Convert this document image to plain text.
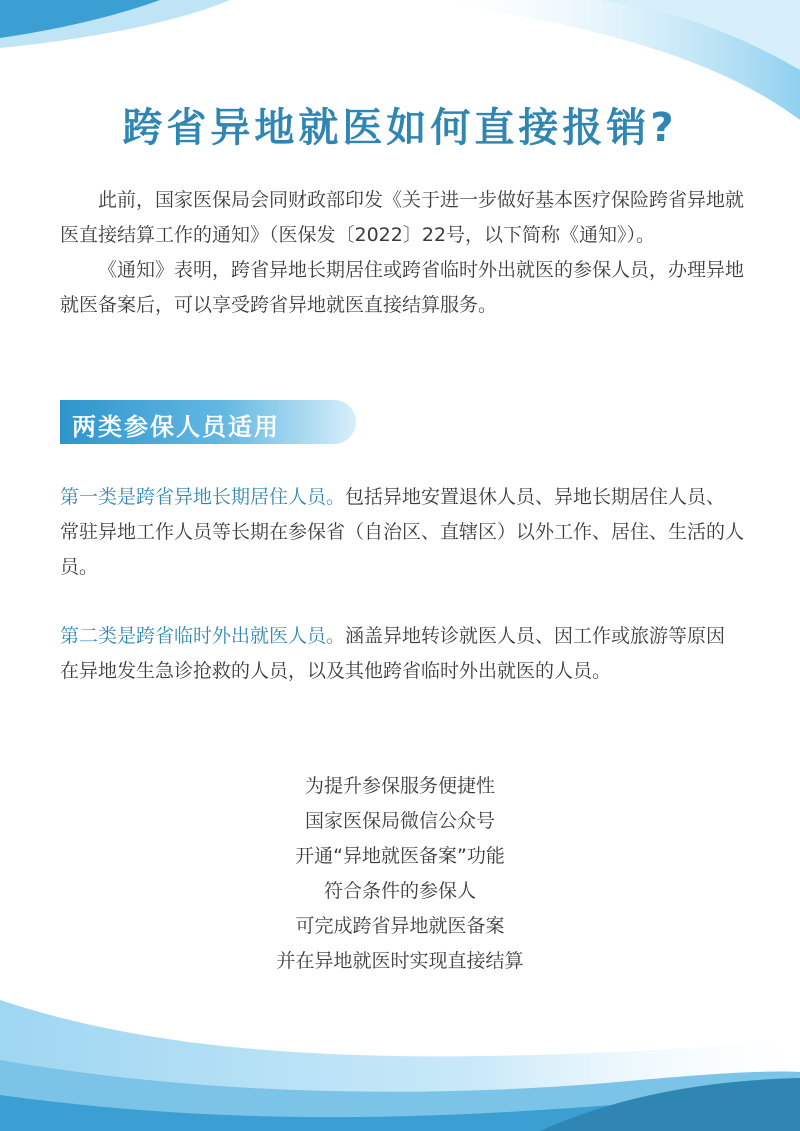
跨省异地就医如何直接报销?

此前，国家医保局会同财政部印发《关于进一步做好基本医疗保险跨省异地就医直接结算工作的通知》（医保发〔2022〕22号，以下简称《通知》）。

《通知》表明，跨省异地长期居住或跨省临时外出就医的参保人员，办理异地就医备案后，可以享受跨省异地就医直接结算服务。

两类参保人员适用

第一类是跨省异地长期居住人员。包括异地安置退休人员、异地长期居住人员、常驻异地工作人员等长期在参保省（自治区、直辖区）以外工作、居住、生活的人员。

第二类是跨省临时外出就医人员。涵盖异地转诊就医人员、因工作或旅游等原因在异地发生急诊抢救的人员，以及其他跨省临时外出就医的人员。

为提升参保服务便捷性
国家医保局微信公众号
开通“异地就医备案”功能
符合条件的参保人
可完成跨省异地就医备案
并在异地就医时实现直接结算
